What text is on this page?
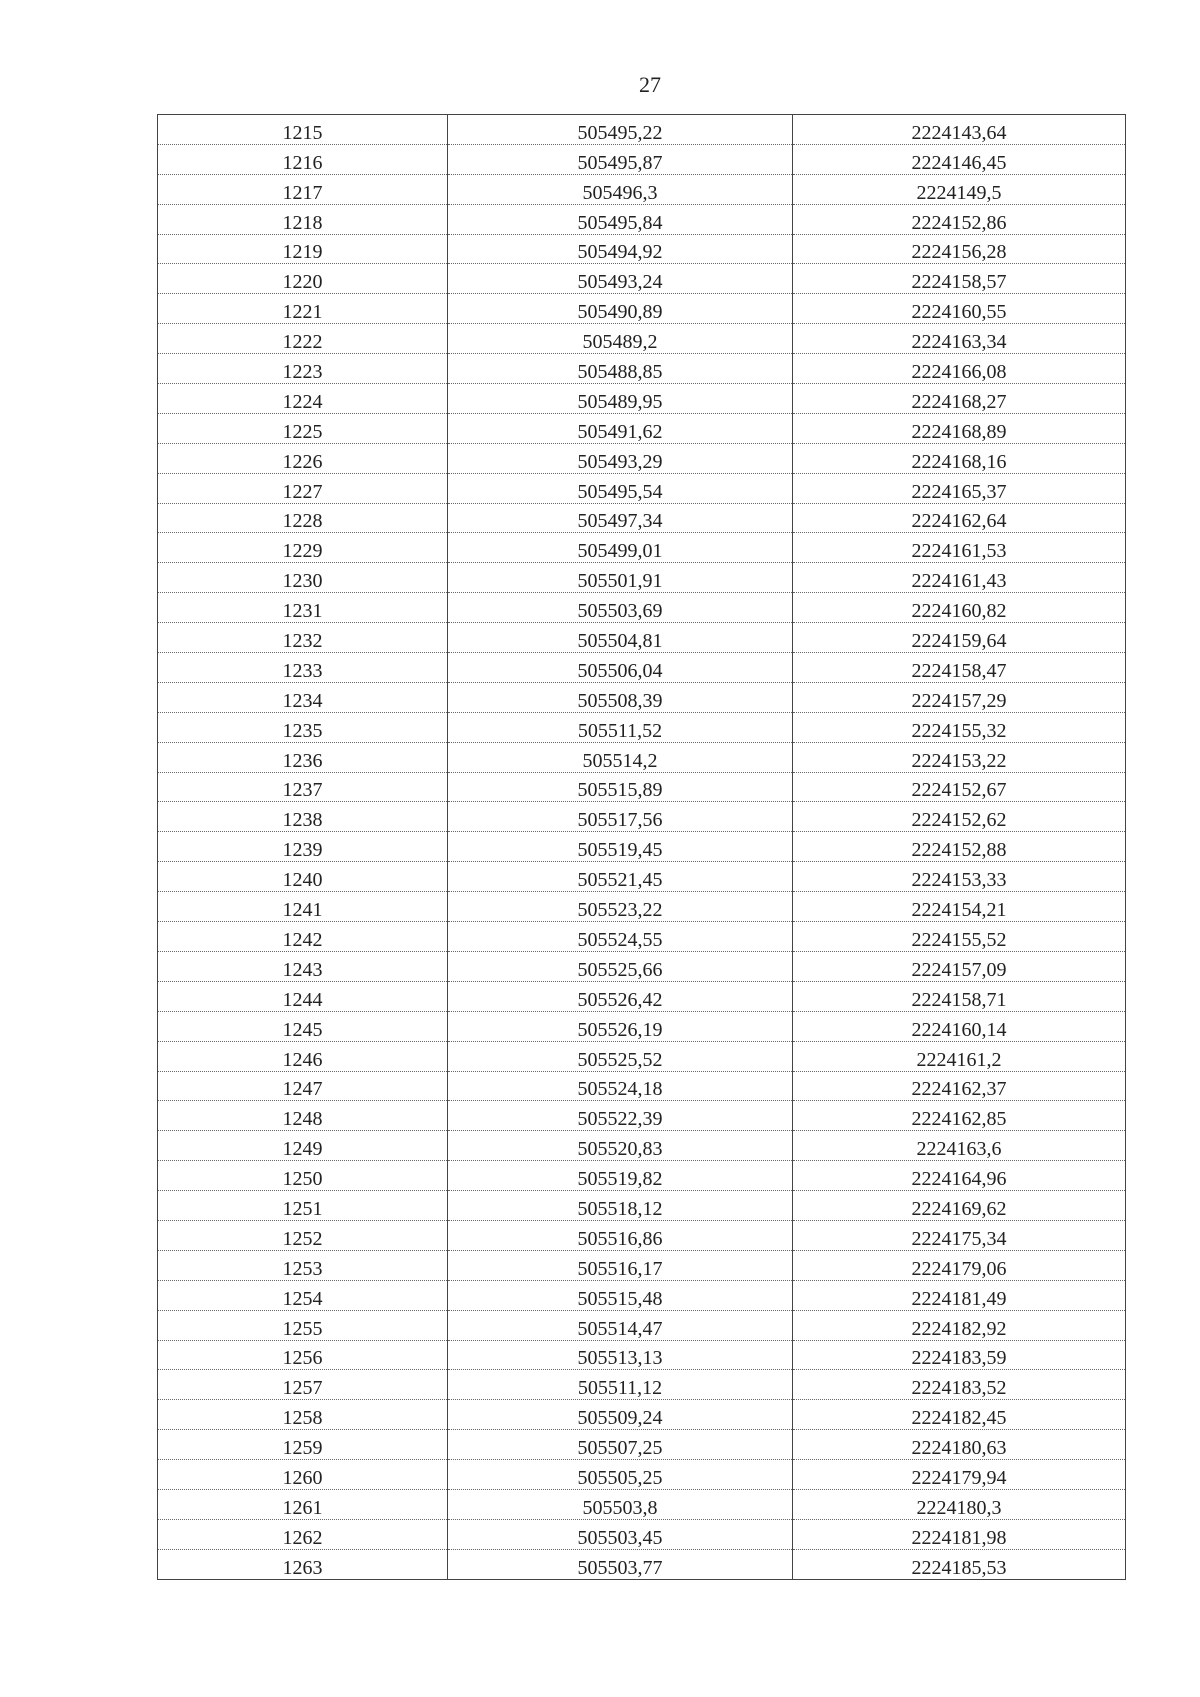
27
1215	505495,22	2224143,64
1216	505495,87	2224146,45
1217	505496,3	2224149,5
1218	505495,84	2224152,86
1219	505494,92	2224156,28
1220	505493,24	2224158,57
1221	505490,89	2224160,55
1222	505489,2	2224163,34
1223	505488,85	2224166,08
1224	505489,95	2224168,27
1225	505491,62	2224168,89
1226	505493,29	2224168,16
1227	505495,54	2224165,37
1228	505497,34	2224162,64
1229	505499,01	2224161,53
1230	505501,91	2224161,43
1231	505503,69	2224160,82
1232	505504,81	2224159,64
1233	505506,04	2224158,47
1234	505508,39	2224157,29
1235	505511,52	2224155,32
1236	505514,2	2224153,22
1237	505515,89	2224152,67
1238	505517,56	2224152,62
1239	505519,45	2224152,88
1240	505521,45	2224153,33
1241	505523,22	2224154,21
1242	505524,55	2224155,52
1243	505525,66	2224157,09
1244	505526,42	2224158,71
1245	505526,19	2224160,14
1246	505525,52	2224161,2
1247	505524,18	2224162,37
1248	505522,39	2224162,85
1249	505520,83	2224163,6
1250	505519,82	2224164,96
1251	505518,12	2224169,62
1252	505516,86	2224175,34
1253	505516,17	2224179,06
1254	505515,48	2224181,49
1255	505514,47	2224182,92
1256	505513,13	2224183,59
1257	505511,12	2224183,52
1258	505509,24	2224182,45
1259	505507,25	2224180,63
1260	505505,25	2224179,94
1261	505503,8	2224180,3
1262	505503,45	2224181,98
1263	505503,77	2224185,53
